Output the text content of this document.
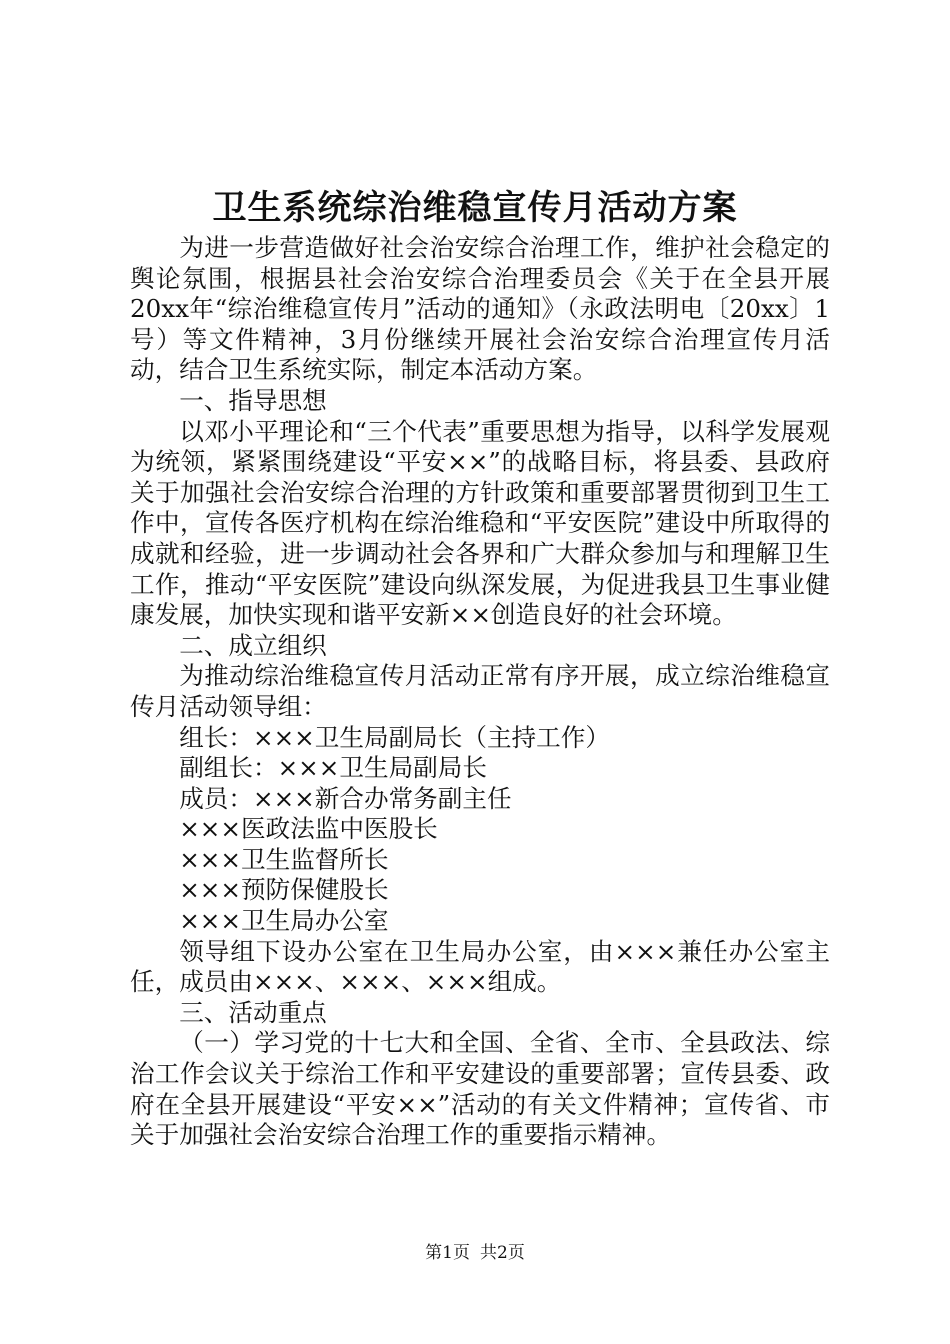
卫生系统综治维稳宣传月活动方案

为进一步营造做好社会治安综合治理工作，维护社会稳定的舆论氛围，根据县社会治安综合治理委员会《关于在全县开展20xx年“综治维稳宣传月”活动的通知》（永政法明电〔20xx〕1号）等文件精神，3月份继续开展社会治安综合治理宣传月活动，结合卫生系统实际，制定本活动方案。

一、指导思想

以邓小平理论和“三个代表”重要思想为指导，以科学发展观为统领，紧紧围绕建设“平安××”的战略目标，将县委、县政府关于加强社会治安综合治理的方针政策和重要部署贯彻到卫生工作中，宣传各医疗机构在综治维稳和“平安医院”建设中所取得的成就和经验，进一步调动社会各界和广大群众参加与和理解卫生工作，推动“平安医院”建设向纵深发展，为促进我县卫生事业健康发展，加快实现和谐平安新××创造良好的社会环境。

二、成立组织

为推动综治维稳宣传月活动正常有序开展，成立综治维稳宣传月活动领导组：

组长：×××卫生局副局长（主持工作）

副组长：×××卫生局副局长

成员：×××新合办常务副主任

×××医政法监中医股长

×××卫生监督所长

×××预防保健股长

×××卫生局办公室

领导组下设办公室在卫生局办公室，由×××兼任办公室主任，成员由×××、×××、×××组成。

三、活动重点

（一）学习党的十七大和全国、全省、全市、全县政法、综治工作会议关于综治工作和平安建设的重要部署；宣传县委、政府在全县开展建设“平安××”活动的有关文件精神；宣传省、市关于加强社会治安综合治理工作的重要指示精神。

第1页 共2页
